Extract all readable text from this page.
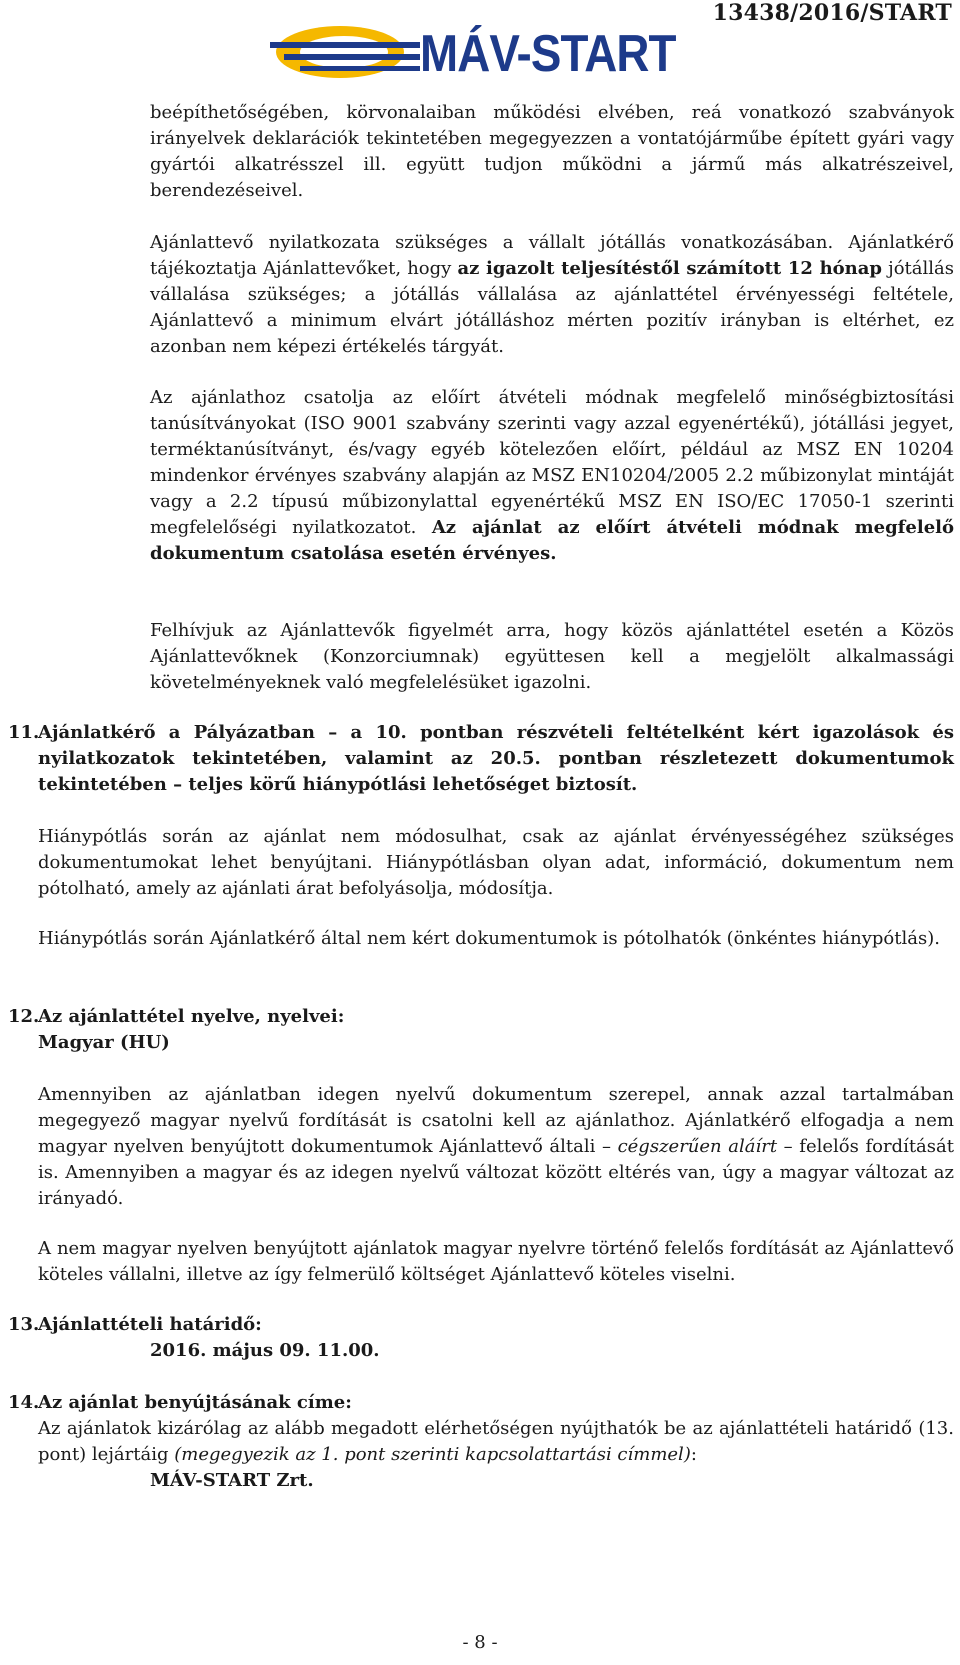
13438/2016/START
MÁV-START

beépíthetőségében, körvonalaiban működési elvében, reá vonatkozó szabványok irányelvek deklarációk tekintetében megegyezzen a vontatójárműbe épített gyári vagy gyártói alkatrésszel ill. együtt tudjon működni a jármű más alkatrészeivel, berendezéseivel.

Ajánlattevő nyilatkozata szükséges a vállalt jótállás vonatkozásában. Ajánlatkérő tájékoztatja Ajánlattevőket, hogy az igazolt teljesítéstől számított 12 hónap jótállás vállalása szükséges; a jótállás vállalása az ajánlattétel érvényességi feltétele, Ajánlattevő a minimum elvárt jótálláshoz mérten pozitív irányban is eltérhet, ez azonban nem képezi értékelés tárgyát.

Az ajánlathoz csatolja az előírt átvételi módnak megfelelő minőségbiztosítási tanúsítványokat (ISO 9001 szabvány szerinti vagy azzal egyenértékű), jótállási jegyet, terméktanúsítványt, és/vagy egyéb kötelezően előírt, például az MSZ EN 10204 mindenkor érvényes szabvány alapján az MSZ EN10204/2005 2.2 műbizonylat mintáját vagy a 2.2 típusú műbizonylattal egyenértékű MSZ EN ISO/EC 17050-1 szerinti megfelelőségi nyilatkozatot. Az ajánlat az előírt átvételi módnak megfelelő dokumentum csatolása esetén érvényes.

Felhívjuk az Ajánlattevők figyelmét arra, hogy közös ajánlattétel esetén a Közös Ajánlattevőknek (Konzorciumnak) együttesen kell a megjelölt alkalmassági követelményeknek való megfelelésüket igazolni.

11.

Ajánlatkérő a Pályázatban – a 10. pontban részvételi feltételként kért igazolások és nyilatkozatok tekintetében, valamint az 20.5. pontban részletezett dokumentumok tekintetében – teljes körű hiánypótlási lehetőséget biztosít.

Hiánypótlás során az ajánlat nem módosulhat, csak az ajánlat érvényességéhez szükséges dokumentumokat lehet benyújtani. Hiánypótlásban olyan adat, információ, dokumentum nem pótolható, amely az ajánlati árat befolyásolja, módosítja.

Hiánypótlás során Ajánlatkérő által nem kért dokumentumok is pótolhatók (önkéntes hiánypótlás).

12.

Az ajánlattétel nyelve, nyelvei:

Magyar (HU)

Amennyiben az ajánlatban idegen nyelvű dokumentum szerepel, annak azzal tartalmában megegyező magyar nyelvű fordítását is csatolni kell az ajánlathoz. Ajánlatkérő elfogadja a nem magyar nyelven benyújtott dokumentumok Ajánlattevő általi – cégszerűen aláírt – felelős fordítását is. Amennyiben a magyar és az idegen nyelvű változat között eltérés van, úgy a magyar változat az irányadó.

A nem magyar nyelven benyújtott ajánlatok magyar nyelvre történő felelős fordítását az Ajánlattevő köteles vállalni, illetve az így felmerülő költséget Ajánlattevő köteles viselni.

13.

Ajánlattételi határidő:

2016. május 09. 11.00.

14.

Az ajánlat benyújtásának címe:

Az ajánlatok kizárólag az alább megadott elérhetőségen nyújthatók be az ajánlattételi határidő (13. pont) lejártáig (megegyezik az 1. pont szerinti kapcsolattartási címmel):

MÁV-START Zrt.

- 8 -
